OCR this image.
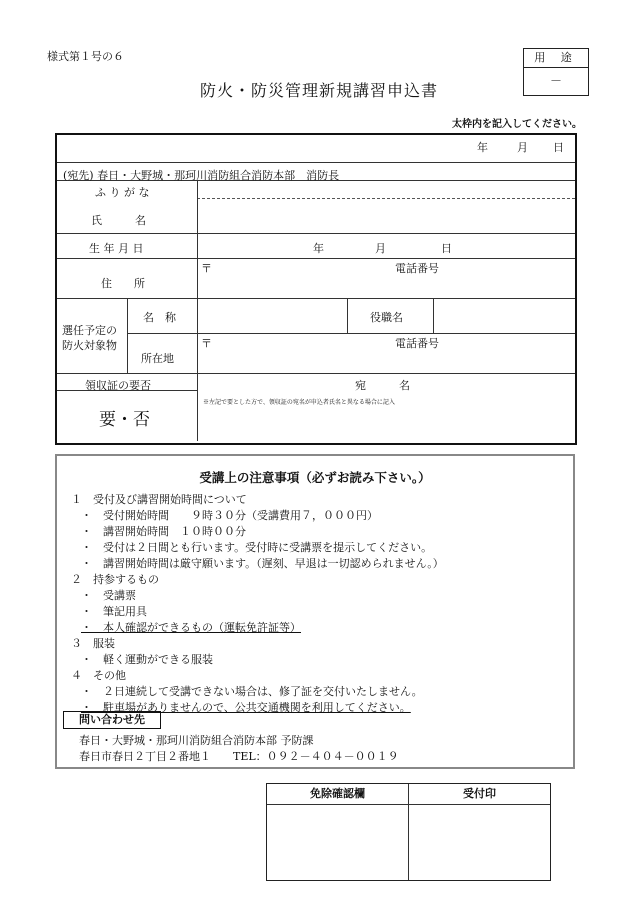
様式第１号の６	用 途
－
防火・防災管理新規講習申込書
太枠内を記入してください。
年	月 日
(宛先) 春日・大野城・那珂川消防組合消防本部　消防長
ふ り が な
氏　　　名
生 年 月 日	年	月	日
住　　所
〒	電話番号
選任予定の
防火対象物
名　称	役職名
所在地
〒	電話番号
領収証の要否	宛　　　名
要・否
※左記で要とした方で、領収証の宛名が申込者氏名と異なる場合に記入
受講上の注意事項（必ずお読み下さい。）
１　受付及び講習開始時間について
・　受付開始時間　　９時３０分（受講費用７，０００円）
・　講習開始時間　１０時００分
・　受付は２日間とも行います。受付時に受講票を提示してください。
・　講習開始時間は厳守願います。（遅刻、早退は一切認められません。）
２　持参するもの
・　受講票
・　筆記用具
・　本人確認ができるもの（運転免許証等）
３　服装
・　軽く運動ができる服装
４　その他
・　２日連続して受講できない場合は、修了証を交付いたしません。
・　駐車場がありませんので、公共交通機関を利用してください。
問い合わせ先
春日・大野城・那珂川消防組合消防本部 予防課
春日市春日２丁目２番地１　　TEL：０９２－４０４－００１９
免除確認欄	受付印
